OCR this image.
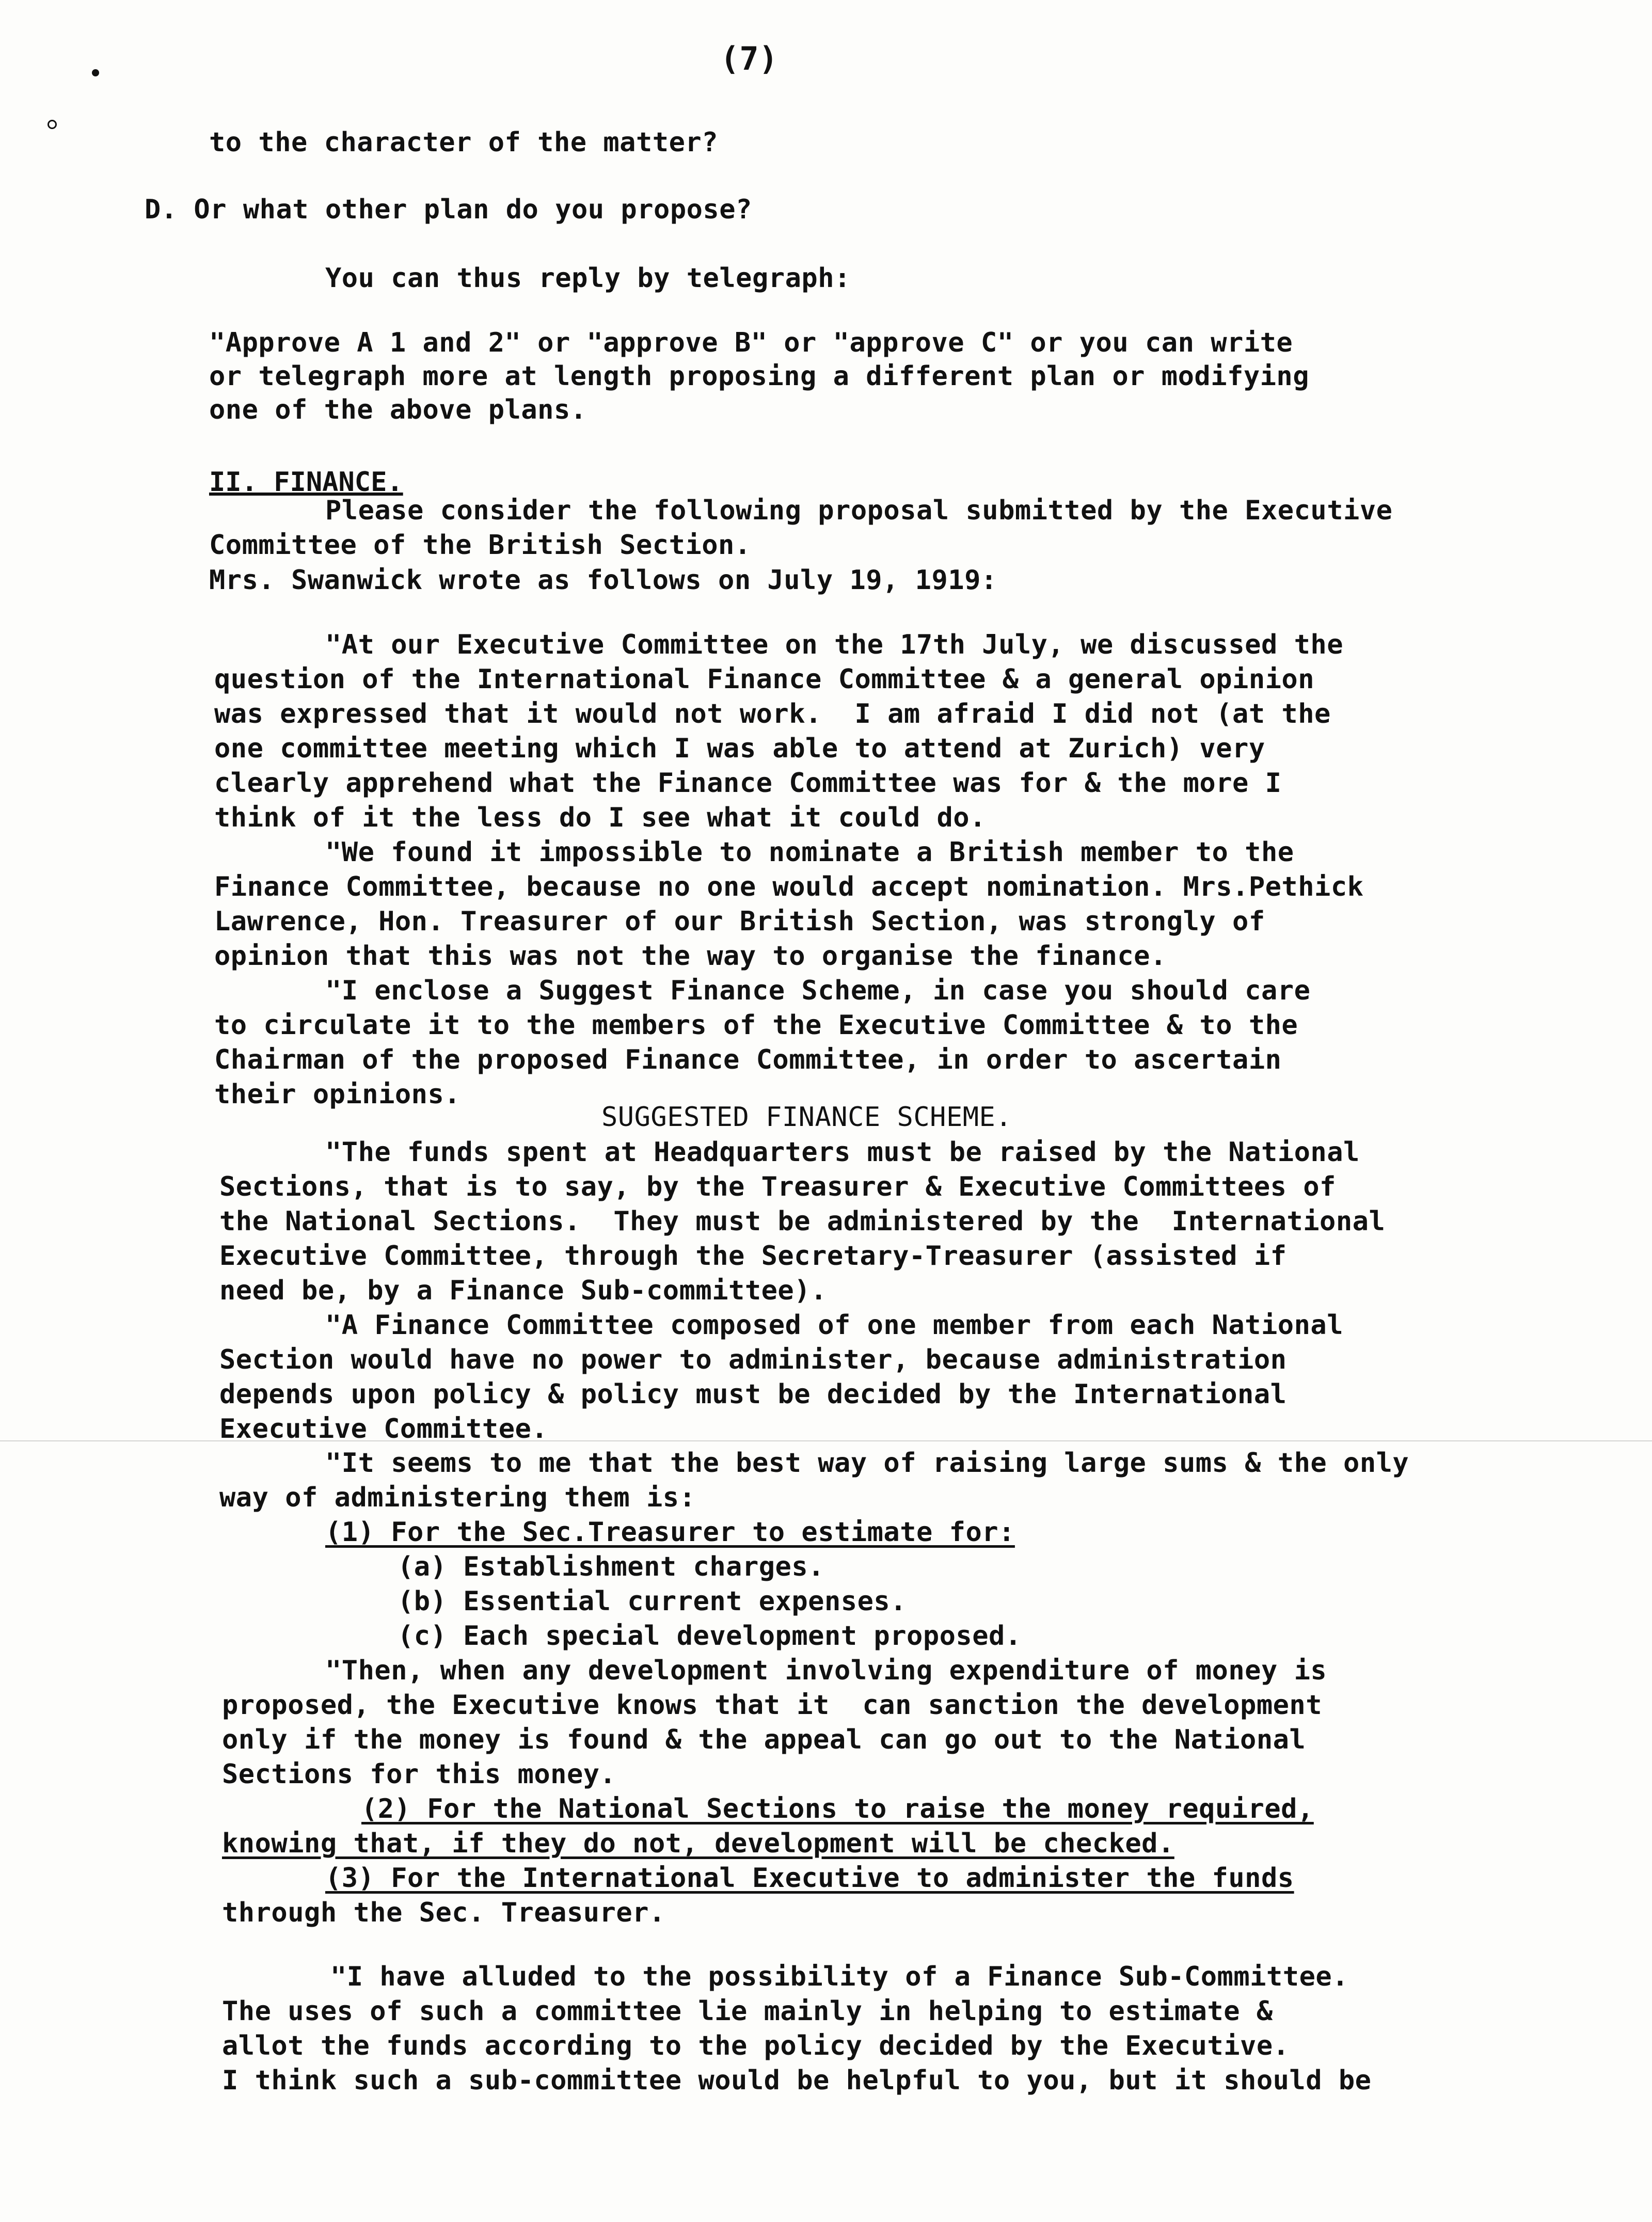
(7)
to the character of the matter?
D. Or what other plan do you propose?
You can thus reply by telegraph:
"Approve A 1 and 2" or "approve B" or "approve C" or you can write
or telegraph more at length proposing a different plan or modifying
one of the above plans.
II. FINANCE.
Please consider the following proposal submitted by the Executive
Committee of the British Section.
Mrs. Swanwick wrote as follows on July 19, 1919:
"At our Executive Committee on the 17th July, we discussed the
question of the International Finance Committee & a general opinion
was expressed that it would not work.  I am afraid I did not (at the
one committee meeting which I was able to attend at Zurich) very
clearly apprehend what the Finance Committee was for & the more I
think of it the less do I see what it could do.
"We found it impossible to nominate a British member to the
Finance Committee, because no one would accept nomination. Mrs.Pethick
Lawrence, Hon. Treasurer of our British Section, was strongly of
opinion that this was not the way to organise the finance.
"I enclose a Suggest Finance Scheme, in case you should care
to circulate it to the members of the Executive Committee & to the
Chairman of the proposed Finance Committee, in order to ascertain
their opinions.
SUGGESTED FINANCE SCHEME.
"The funds spent at Headquarters must be raised by the National
Sections, that is to say, by the Treasurer & Executive Committees of
the National Sections.  They must be administered by the  International
Executive Committee, through the Secretary-Treasurer (assisted if
need be, by a Finance Sub-committee).
"A Finance Committee composed of one member from each National
Section would have no power to administer, because administration
depends upon policy & policy must be decided by the International
Executive Committee.
"It seems to me that the best way of raising large sums & the only
way of administering them is:
(1) For the Sec.Treasurer to estimate for:
(a) Establishment charges.
(b) Essential current expenses.
(c) Each special development proposed.
"Then, when any development involving expenditure of money is
proposed, the Executive knows that it  can sanction the development
only if the money is found & the appeal can go out to the National
Sections for this money.
(2) For the National Sections to raise the money required,
knowing that, if they do not, development will be checked.
(3) For the International Executive to administer the funds
through the Sec. Treasurer.
"I have alluded to the possibility of a Finance Sub-Committee.
The uses of such a committee lie mainly in helping to estimate &
allot the funds according to the policy decided by the Executive.
I think such a sub-committee would be helpful to you, but it should be
